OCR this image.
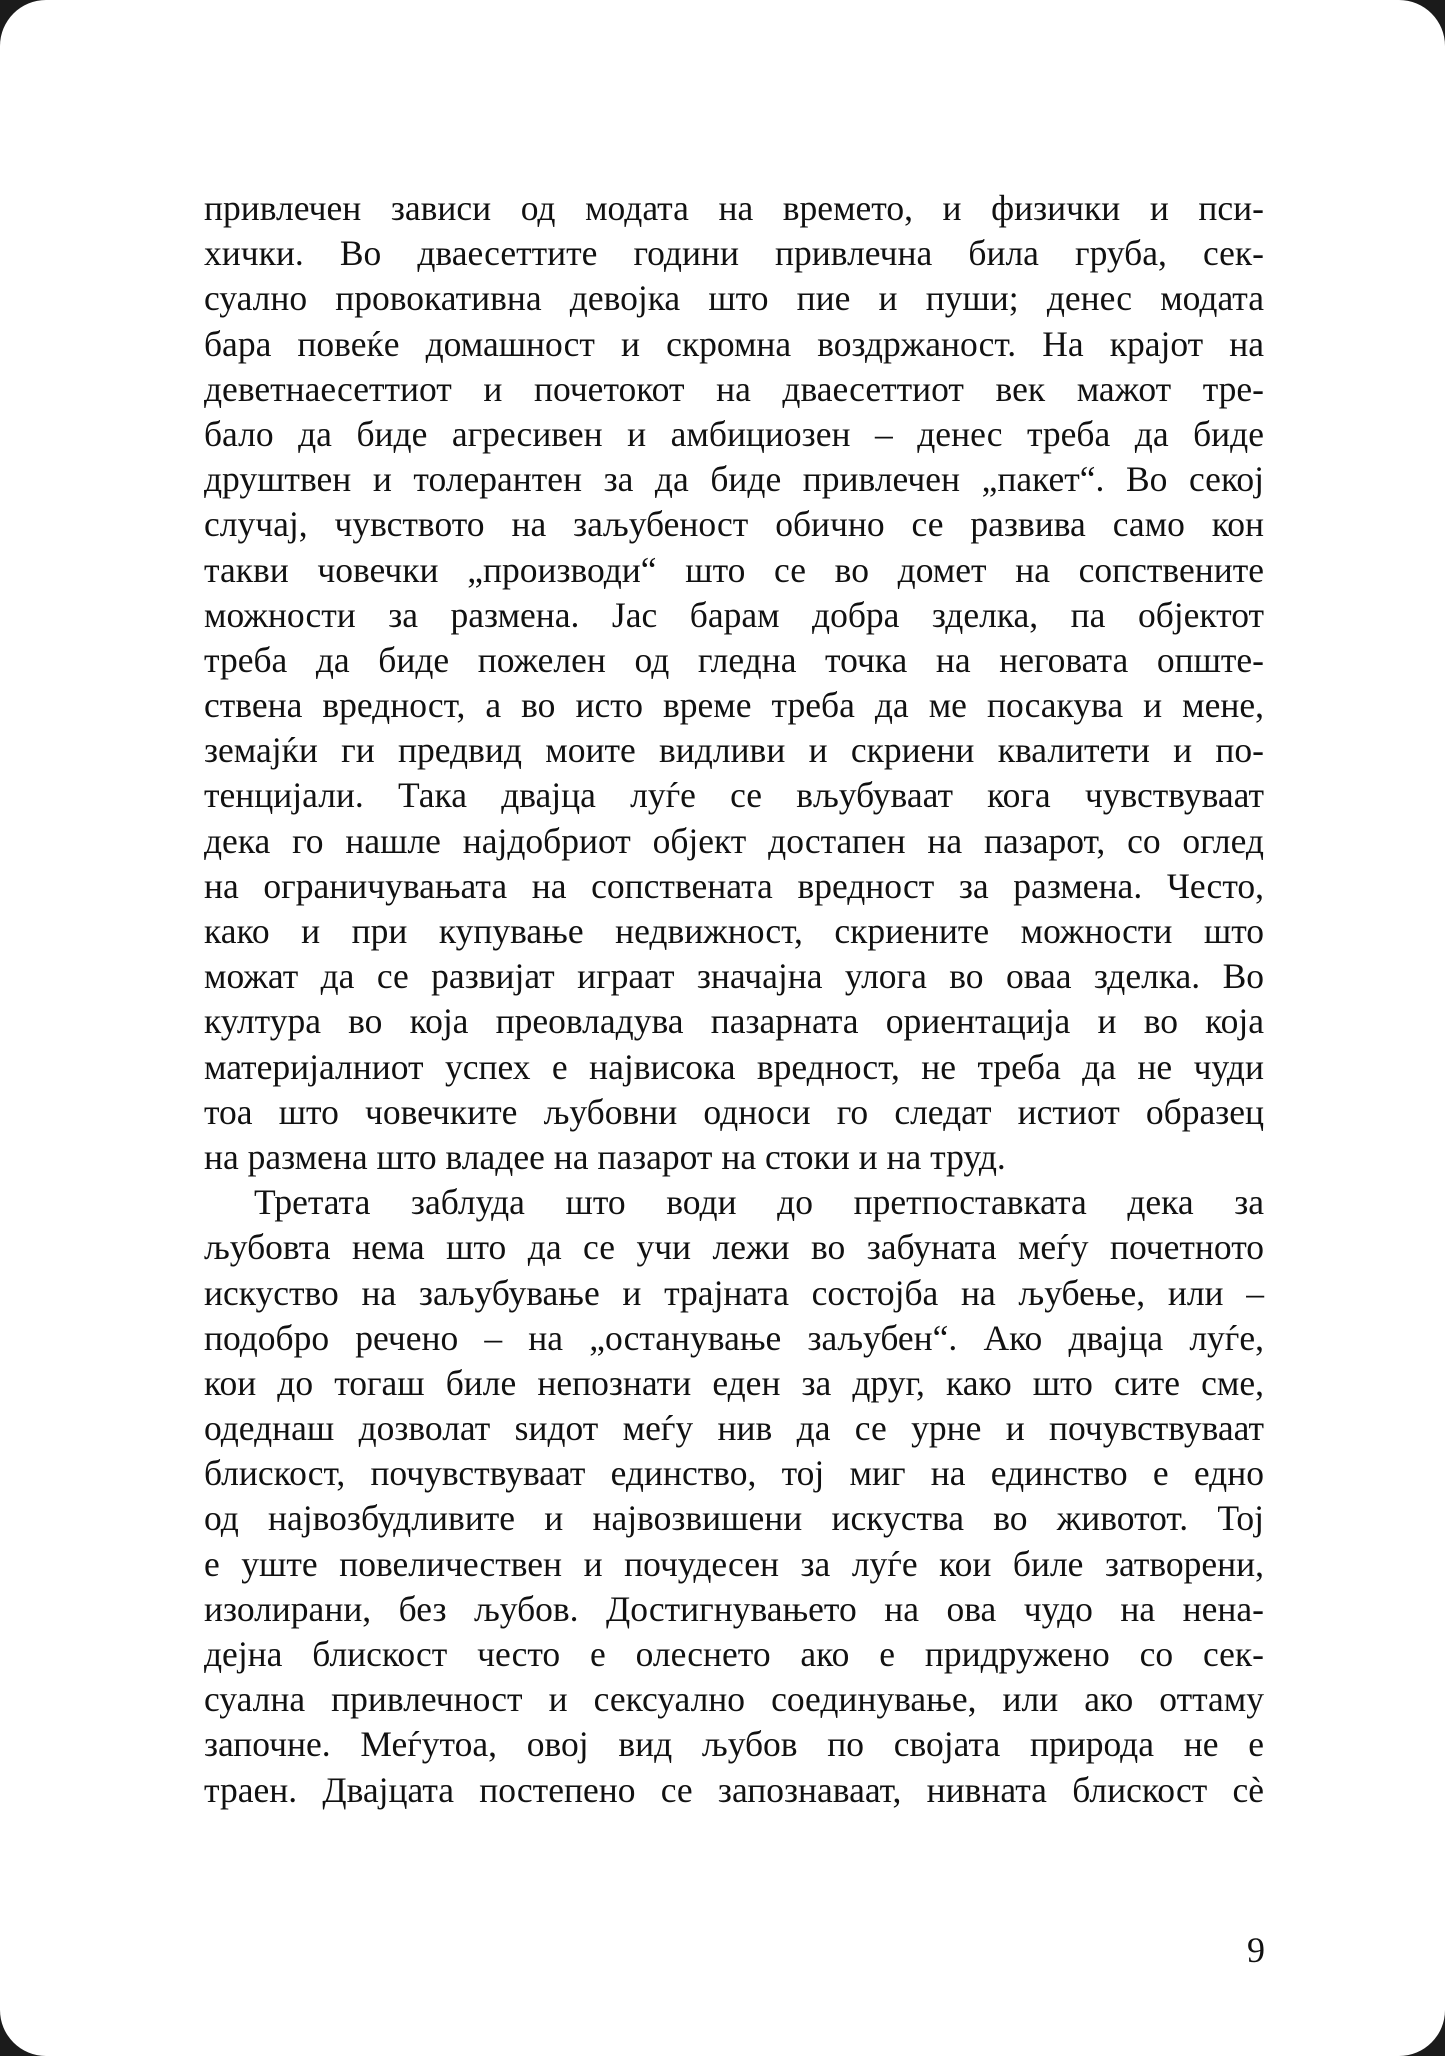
привлечен зависи од модата на времето, и физички и пси-
хички. Во дваесеттите години привлечна била груба, сек-
суално провокативна девојка што пие и пуши; денес модата
бара повеќе домашност и скромна воздржаност. На крајот на
деветнаесеттиот и почетокот на дваесеттиот век мажот тре-
бало да биде агресивен и амбициозен – денес треба да биде
друштвен и толерантен за да биде привлечен „пакет“. Во секој
случај, чувството на заљубеност обично се развива само кон
такви човечки „производи“ што се во домет на сопствените
можности за размена. Јас барам добра зделка, па објектот
треба да биде пожелен од гледна точка на неговата опште-
ствена вредност, а во исто време треба да ме посакува и мене,
земајќи ги предвид моите видливи и скриени квалитети и по-
тенцијали. Така двајца луѓе се вљубуваат кога чувствуваат
дека го нашле најдобриот објект достапен на пазарот, со оглед
на ограничувањата на сопствената вредност за размена. Често,
како и при купување недвижност, скриените можности што
можат да се развијат играат значајна улога во оваа зделка. Во
култура во која преовладува пазарната ориентација и во која
материјалниот успех е највисока вредност, не треба да не чуди
тоа што човечките љубовни односи го следат истиот образец
на размена што владее на пазарот на стоки и на труд.
Третата заблуда што води до претпоставката дека за
љубовта нема што да се учи лежи во забуната меѓу почетното
искуство на заљубување и трајната состојба на љубење, или –
подобро речено – на „останување заљубен“. Ако двајца луѓе,
кои до тогаш биле непознати еден за друг, како што сите сме,
одеднаш дозволат ѕидот меѓу нив да се урне и почувствуваат
блискост, почувствуваат единство, тој миг на единство е едно
од највозбудливите и највозвишени искуства во животот. Тој
е уште повеличествен и почудесен за луѓе кои биле затворени,
изолирани, без љубов. Достигнувањето на ова чудо на нена-
дејна блискост често е олеснето ако е придружено со сек-
суална привлечност и сексуално соединување, или ако оттаму
започне. Меѓутоа, овој вид љубов по својата природа не е
траен. Двајцата постепено се запознаваат, нивната блискост сè
9
